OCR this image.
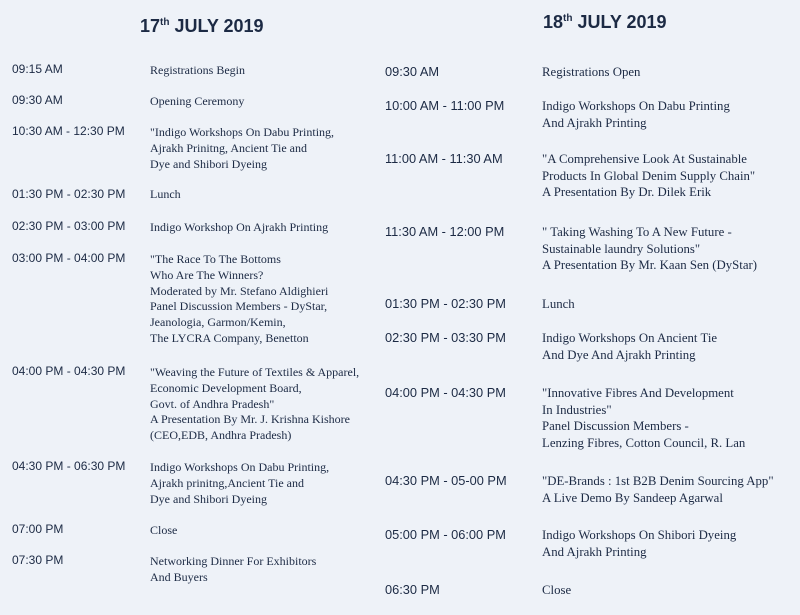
17th JULY 2019
09:15 AM	Registrations Begin
09:30 AM	Opening Ceremony
10:30 AM - 12:30 PM "Indigo Workshops On Dabu Printing,
Ajrakh Prinitng, Ancient Tie and
Dye and Shibori Dyeing
01:30 PM - 02:30 PM Lunch
02:30 PM - 03:00 PM Indigo Workshop On Ajrakh Printing
03:00 PM - 04:00 PM "The Race To The Bottoms
Who Are The Winners?
Moderated by Mr. Stefano Aldighieri
Panel Discussion Members - DyStar,
Jeanologia, Garmon/Kemin,
The LYCRA Company, Benetton
04:00 PM - 04:30 PM "Weaving the Future of Textiles & Apparel,
Economic Development Board,
Govt. of Andhra Pradesh"
A Presentation By Mr. J. Krishna Kishore
(CEO,EDB, Andhra Pradesh)
04:30 PM - 06:30 PM Indigo Workshops On Dabu Printing,
Ajrakh prinitng,Ancient Tie and
Dye and Shibori Dyeing
07:00 PM	Close
07:30 PM	Networking Dinner For Exhibitors
And Buyers
18th JULY 2019
09:30 AM	Registrations Open
10:00 AM - 11:00 PM	Indigo Workshops On Dabu Printing
And Ajrakh Printing
11:00 AM - 11:30 AM	"A Comprehensive Look At Sustainable
Products In Global Denim Supply Chain"
A Presentation By Dr. Dilek Erik
11:30 AM - 12:00 PM	" Taking Washing To A New Future -
Sustainable laundry Solutions"
A Presentation By Mr. Kaan Sen (DyStar)
01:30 PM - 02:30 PM	Lunch
02:30 PM - 03:30 PM	Indigo Workshops On Ancient Tie
And Dye And Ajrakh Printing
04:00 PM - 04:30 PM	"Innovative Fibres And Development
In Industries"
Panel Discussion Members -
Lenzing Fibres, Cotton Council, R. Lan
04:30 PM - 05-00 PM	"DE-Brands : 1st B2B Denim Sourcing App"
A Live Demo By Sandeep Agarwal
05:00 PM - 06:00 PM	Indigo Workshops On Shibori Dyeing
And Ajrakh Printing
06:30 PM	Close
